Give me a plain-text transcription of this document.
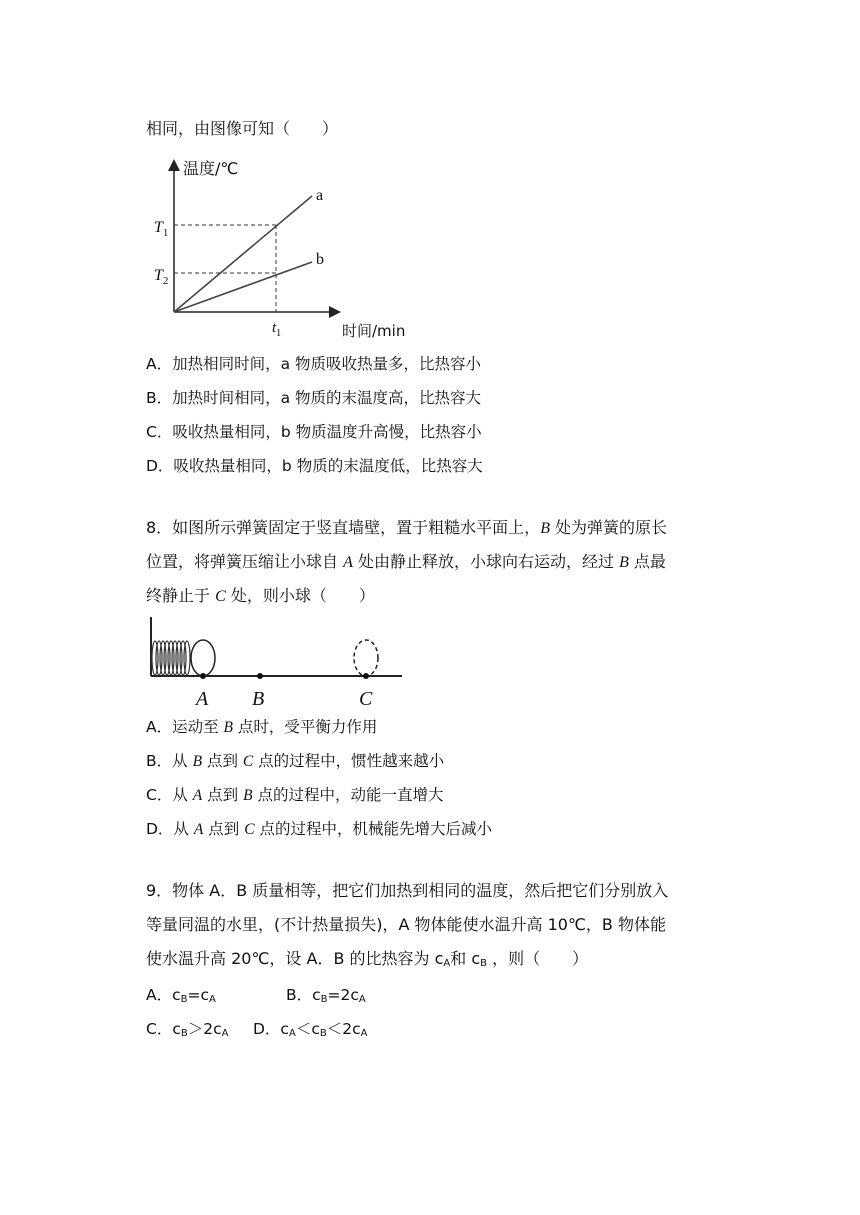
相同，由图像可知（　　）
温度/℃
时间/min
a
b
$T_1$
$T_2$
$t_1$
A．加热相同时间，a 物质吸收热量多，比热容小
B．加热时间相同，a 物质的末温度高，比热容大
C．吸收热量相同，b 物质温度升高慢，比热容小
D．吸收热量相同，b 物质的末温度低，比热容大
8．如图所示弹簧固定于竖直墙壁，置于粗糙水平面上，B 处为弹簧的原长
位置，将弹簧压缩让小球自 A 处由静止释放，小球向右运动，经过 B 点最
终静止于 C 处，则小球（　　）
A B	C
A．运动至 B 点时，受平衡力作用
B．从 B 点到 C 点的过程中，惯性越来越小
C．从 A 点到 B 点的过程中，动能一直增大
D．从 A 点到 C 点的过程中，机械能先增大后减小
9．物体 A．B 质量相等，把它们加热到相同的温度，然后把它们分别放入
等量同温的水里，(不计热量损失)，A 物体能使水温升高 10℃，B 物体能
使水温升高 20℃，设 A．B 的比热容为 $c_A$和 $c_B$ ，则（　　）
A．$c_B=c_A$	B．$c_B=2c_A$
C．$c_B>2c_A$ D．$c_A<c_B<2c_A$
